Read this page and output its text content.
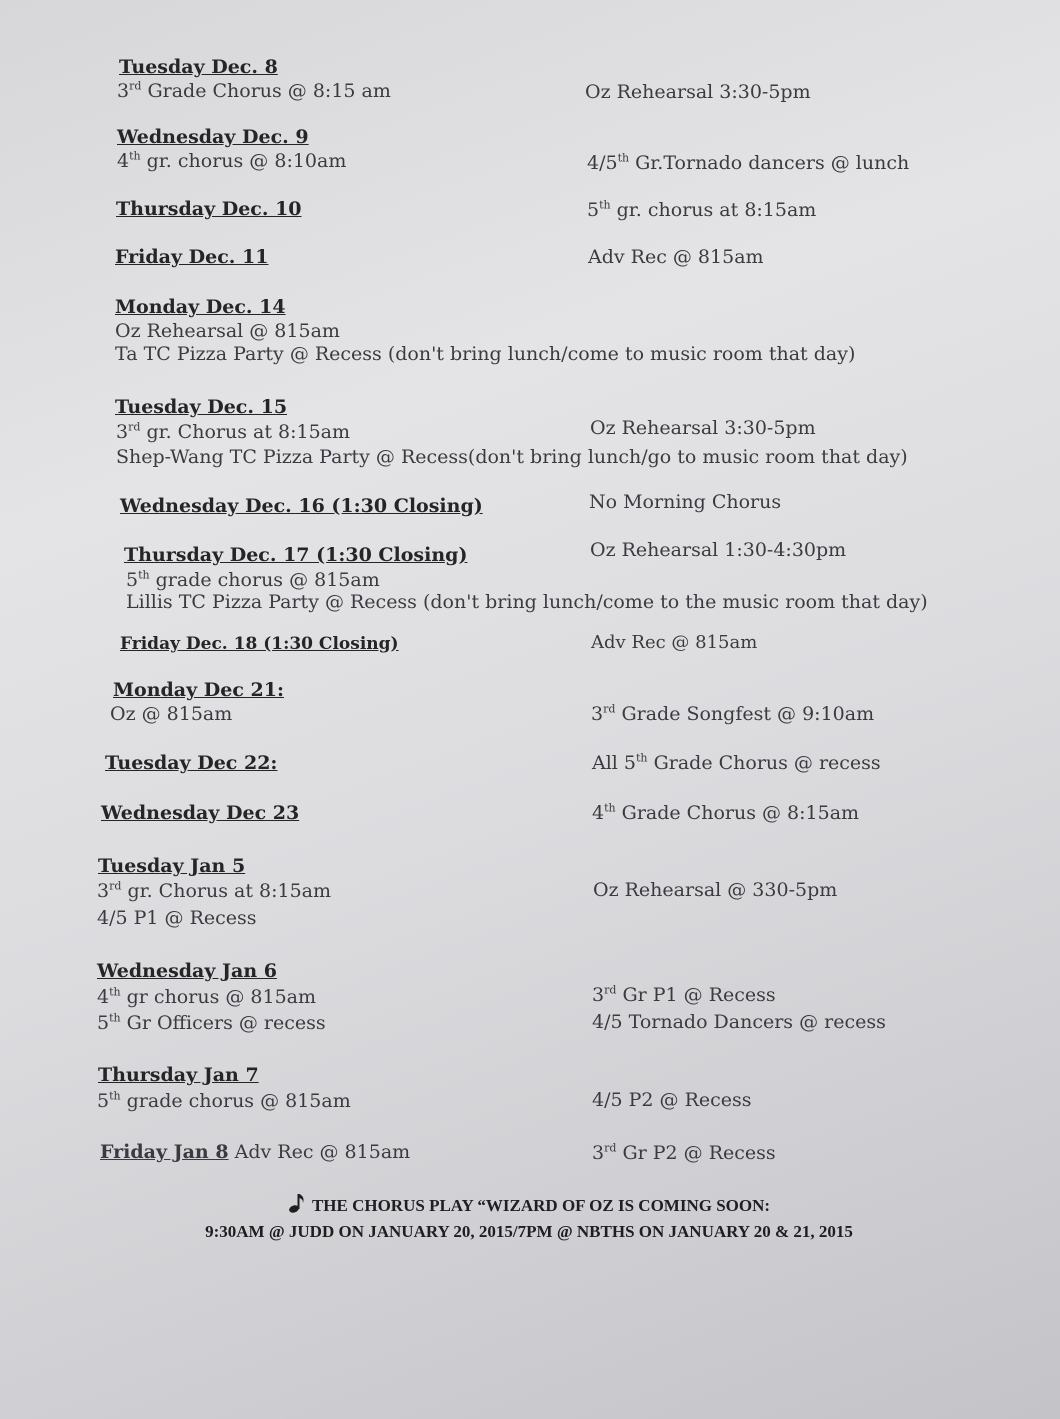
Tuesday Dec. 8
3rd Grade Chorus @ 8:15 am	Oz Rehearsal 3:30-5pm
Wednesday Dec. 9
4th gr. chorus @ 8:10am	4/5th Gr.Tornado dancers @ lunch
Thursday Dec. 10	5th gr. chorus at 8:15am
Friday Dec. 11	Adv Rec @ 815am
Monday Dec. 14
Oz Rehearsal @ 815am
Ta TC Pizza Party @ Recess (don't bring lunch/come to music room that day)
Tuesday Dec. 15
3rd gr. Chorus at 8:15am	Oz Rehearsal 3:30-5pm
Shep-Wang TC Pizza Party @ Recess(don't bring lunch/go to music room that day)
Wednesday Dec. 16 (1:30 Closing)	No Morning Chorus
Thursday Dec. 17 (1:30 Closing)	Oz Rehearsal 1:30-4:30pm
5th grade chorus @ 815am
Lillis TC Pizza Party @ Recess (don't bring lunch/come to the music room that day)
Friday Dec. 18 (1:30 Closing)	Adv Rec @ 815am
Monday Dec 21:
Oz @ 815am	3rd Grade Songfest @ 9:10am
Tuesday Dec 22:	All 5th Grade Chorus @ recess
Wednesday Dec 23	4th Grade Chorus @ 8:15am
Tuesday Jan 5
3rd gr. Chorus at 8:15am	Oz Rehearsal @ 330-5pm
4/5 P1 @ Recess
Wednesday Jan 6
4th gr chorus @ 815am	3rd Gr P1 @ Recess
5th Gr Officers @ recess	4/5 Tornado Dancers @ recess
Thursday Jan 7
5th grade chorus @ 815am	4/5 P2 @ Recess
Friday Jan 8 Adv Rec @ 815am	3rd Gr P2 @ Recess
THE CHORUS PLAY “WIZARD OF OZ IS COMING SOON:
9:30AM @ JUDD ON JANUARY 20, 2015/7PM @ NBTHS ON JANUARY 20 & 21, 2015
